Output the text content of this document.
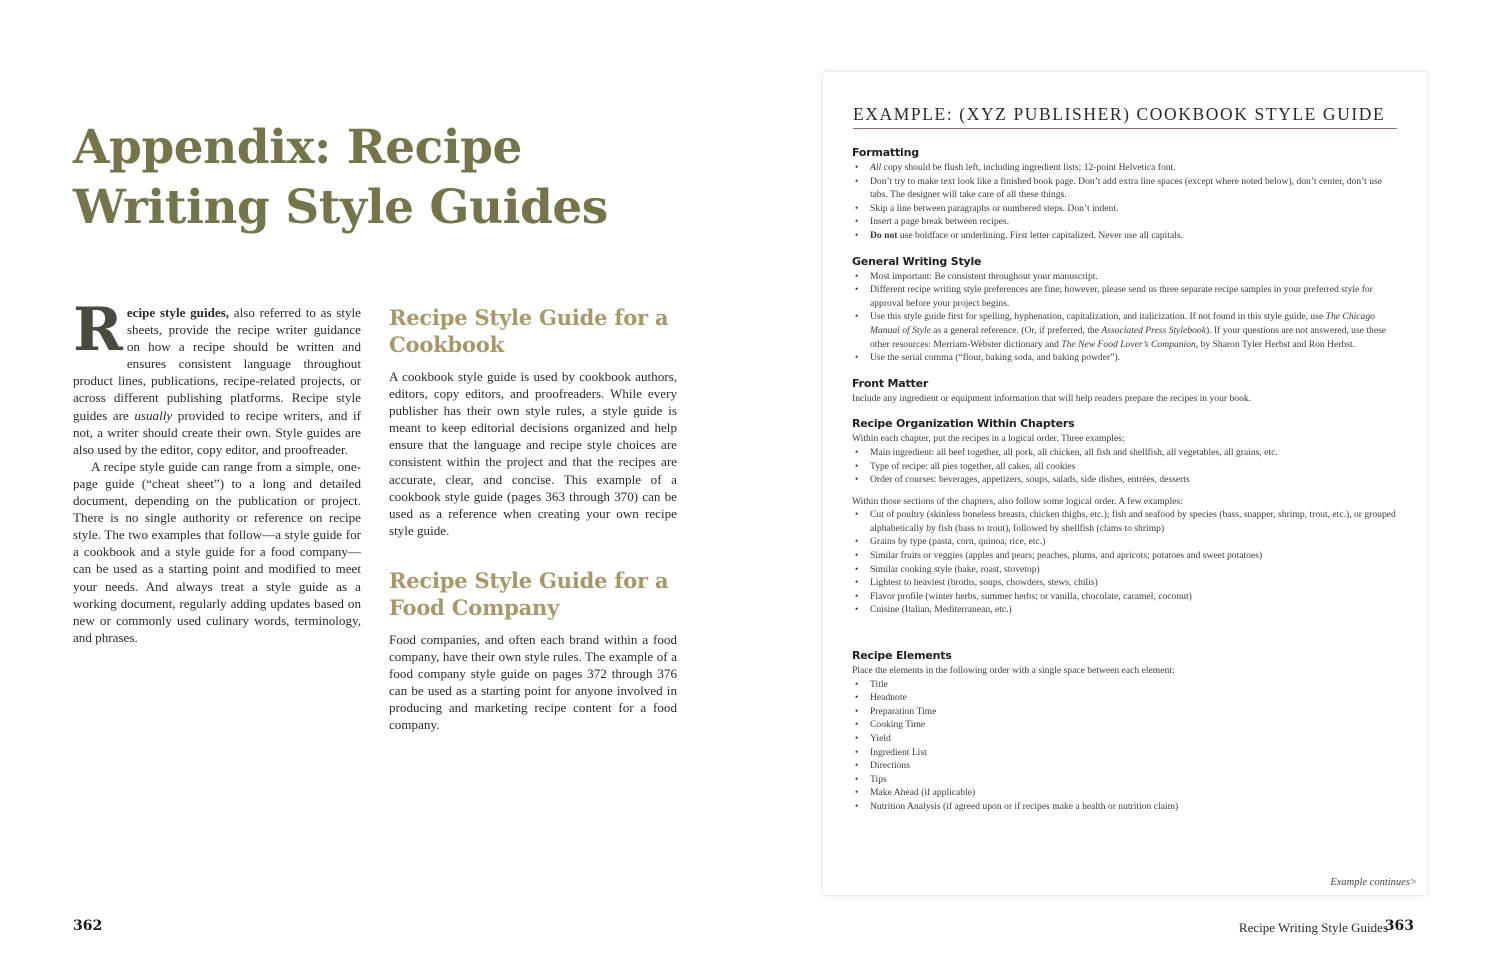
Appendix: Recipe Writing Style Guides

Recipe style guides, also referred to as style sheets, provide the recipe writer guidance on how a recipe should be written and ensures consistent language throughout product lines, publications, recipe-related projects, or across different publishing platforms. Recipe style guides are usually provided to recipe writers, and if not, a writer should create their own. Style guides are also used by the editor, copy editor, and proofreader.

A recipe style guide can range from a simple, one-page guide (“cheat sheet”) to a long and detailed document, depending on the publication or project. There is no single authority or reference on recipe style. The two examples that follow—a style guide for a cookbook and a style guide for a food company—can be used as a starting point and modified to meet your needs. And always treat a style guide as a working document, regularly adding updates based on new or commonly used culinary words, terminology, and phrases.

Recipe Style Guide for a Cookbook

A cookbook style guide is used by cookbook authors, editors, copy editors, and proofreaders. While every publisher has their own style rules, a style guide is meant to keep editorial decisions organized and help ensure that the language and recipe style choices are consistent within the project and that the recipes are accurate, clear, and concise. This example of a cookbook style guide (pages 363 through 370) can be used as a reference when creating your own recipe style guide.

Recipe Style Guide for a Food Company

Food companies, and often each brand within a food company, have their own style rules. The example of a food company style guide on pages 372 through 376 can be used as a starting point for anyone involved in producing and marketing recipe content for a food company.

362
EXAMPLE: (XYZ PUBLISHER) COOKBOOK STYLE GUIDE
Formatting
• All copy should be flush left, including ingredient lists; 12-point Helvetica font.
• Don’t try to make text look like a finished book page. Don’t add extra line spaces (except where noted below), don’t center, don’t use tabs. The designer will take care of all these things.
• Skip a line between paragraphs or numbered steps. Don’t indent.
• Insert a page break between recipes.
• Do not use boldface or underlining. First letter capitalized. Never use all capitals.
General Writing Style
• Most important: Be consistent throughout your manuscript.
• Different recipe writing style preferences are fine; however, please send us three separate recipe samples in your preferred style for approval before your project begins.
• Use this style guide first for spelling, hyphenation, capitalization, and italicization. If not found in this style guide, use The Chicago Manual of Style as a general reference. (Or, if preferred, the Associated Press Stylebook). If your questions are not answered, use these other resources: Merriam-Webster dictionary and The New Food Lover’s Companion, by Sharon Tyler Herbst and Ron Herbst.
• Use the serial comma (“flour, baking soda, and baking powder”).
Front Matter
Include any ingredient or equipment information that will help readers prepare the recipes in your book.
Recipe Organization Within Chapters
Within each chapter, put the recipes in a logical order. Three examples:
• Main ingredient: all beef together, all pork, all chicken, all fish and shellfish, all vegetables, all grains, etc.
• Type of recipe: all pies together, all cakes, all cookies
• Order of courses: beverages, appetizers, soups, salads, side dishes, entrées, desserts
Within those sections of the chapters, also follow some logical order. A few examples:
• Cut of poultry (skinless boneless breasts, chicken thighs, etc.); fish and seafood by species (bass, snapper, shrimp, trout, etc.), or grouped alphabetically by fish (bass to trout), followed by shellfish (clams to shrimp)
• Grains by type (pasta, corn, quinoa, rice, etc.)
• Similar fruits or veggies (apples and pears; peaches, plums, and apricots; potatoes and sweet potatoes)
• Similar cooking style (bake, roast, stovetop)
• Lightest to heaviest (broths, soups, chowders, stews, chilis)
• Flavor profile (winter herbs, summer herbs; or vanilla, chocolate, caramel, coconut)
• Cuisine (Italian, Mediterranean, etc.)
Recipe Elements
Place the elements in the following order with a single space between each element:
• Title
• Headnote
• Preparation Time
• Cooking Time
• Yield
• Ingredient List
• Directions
• Tips
• Make Ahead (if applicable)
• Nutrition Analysis (if agreed upon or if recipes make a health or nutrition claim)
Example continues>
Recipe Writing Style Guides
363
